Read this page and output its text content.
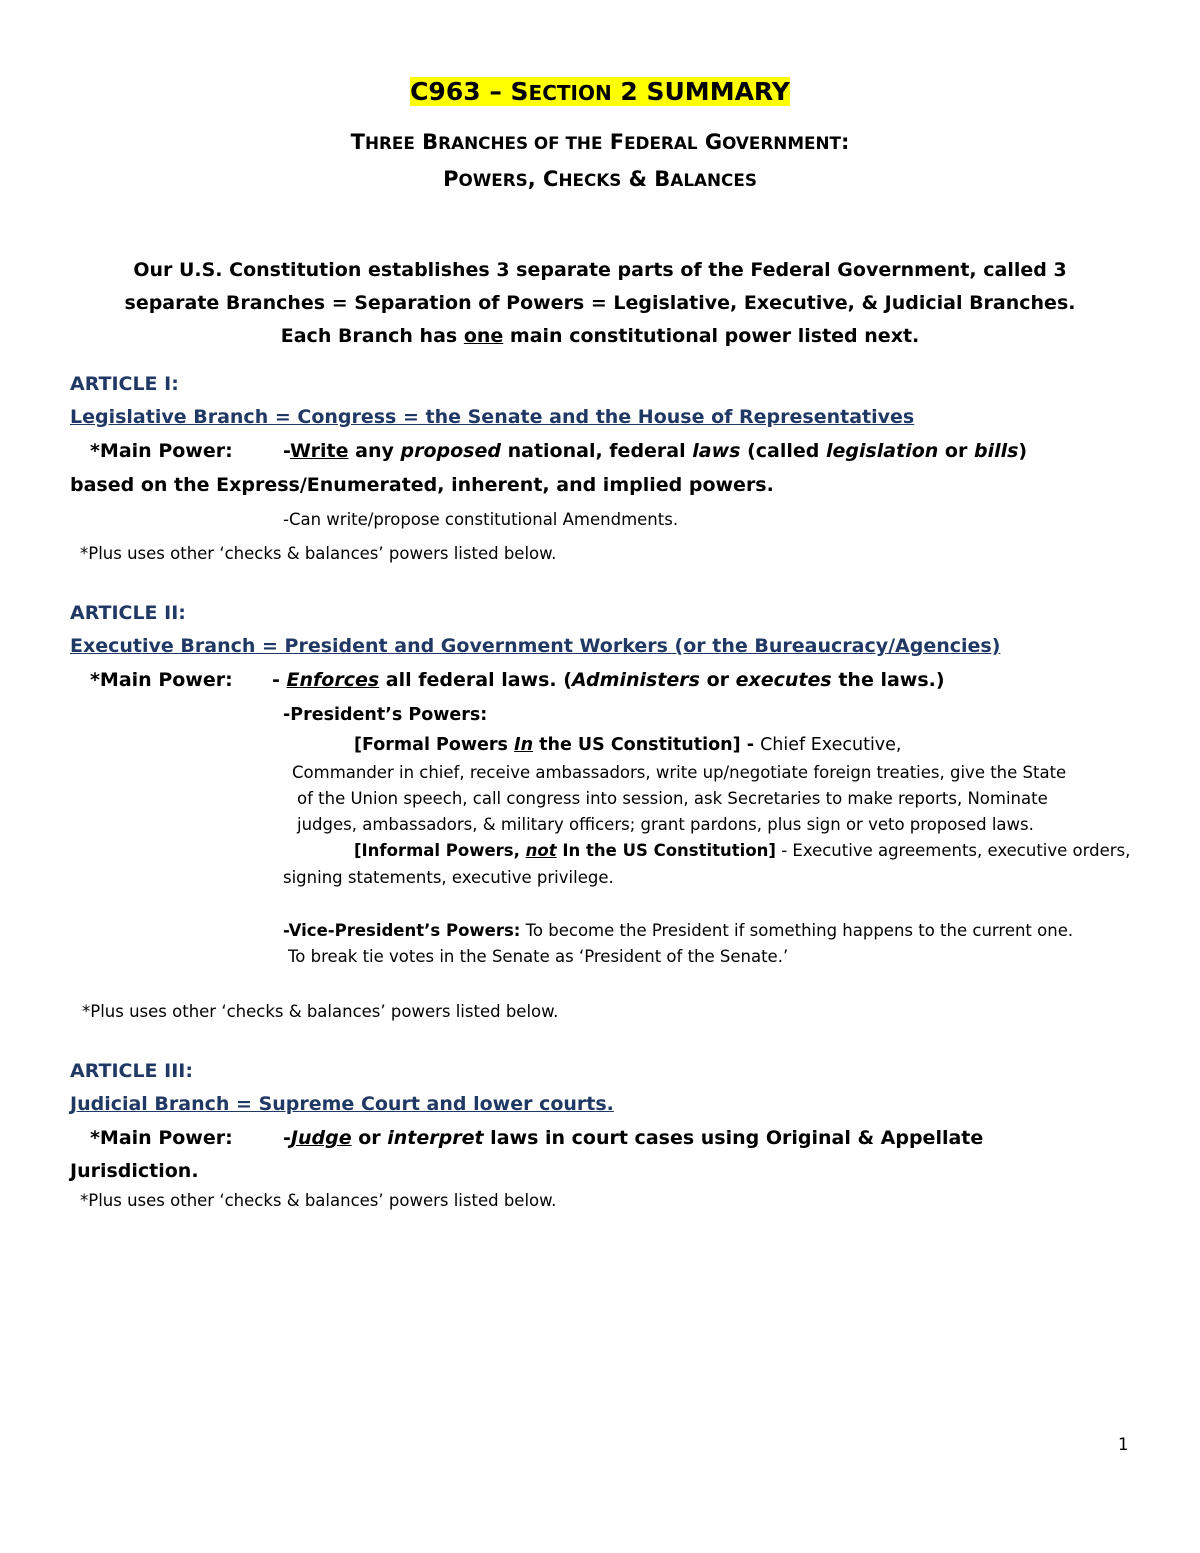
C963 – SECTION 2 SUMMARY
THREE BRANCHES OF THE FEDERAL GOVERNMENT:
POWERS, CHECKS & BALANCES
Our U.S. Constitution establishes 3 separate parts of the Federal Government, called 3
separate Branches = Separation of Powers = Legislative, Executive, & Judicial Branches.
Each Branch has one main constitutional power listed next.
ARTICLE I:
Legislative Branch = Congress = the Senate and the House of Representatives
*Main Power:	-Write any proposed national, federal laws (called legislation or bills)
based on the Express/Enumerated, inherent, and implied powers.
-Can write/propose constitutional Amendments.
*Plus uses other ‘checks & balances’ powers listed below.
ARTICLE II:
Executive Branch = President and Government Workers (or the Bureaucracy/Agencies)
*Main Power: - Enforces all federal laws. (Administers or executes the laws.)
-President’s Powers:
[Formal Powers In the US Constitution] - Chief Executive,
Commander in chief, receive ambassadors, write up/negotiate foreign treaties, give the State
of the Union speech, call congress into session, ask Secretaries to make reports, Nominate
judges, ambassadors, & military officers; grant pardons, plus sign or veto proposed laws.
[Informal Powers, not In the US Constitution] - Executive agreements, executive orders,
signing statements, executive privilege.
-Vice-President’s Powers: To become the President if something happens to the current one.
To break tie votes in the Senate as ‘President of the Senate.’
*Plus uses other ‘checks & balances’ powers listed below.
ARTICLE III:
Judicial Branch = Supreme Court and lower courts.
*Main Power:	-Judge or interpret laws in court cases using Original & Appellate
Jurisdiction.
*Plus uses other ‘checks & balances’ powers listed below.
1
